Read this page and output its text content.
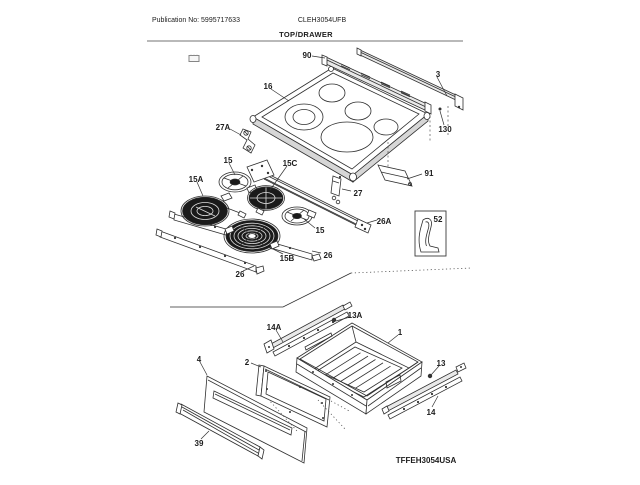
Publication No: 5995717633	CLEH3054UFB
TOP/DRAWER
90
3
16
130
27A
15	15C
15A
27
91
26A
15
52
15B	26
26
13A
14A
1
2
4	13
14
39
TFFEH3054USA
